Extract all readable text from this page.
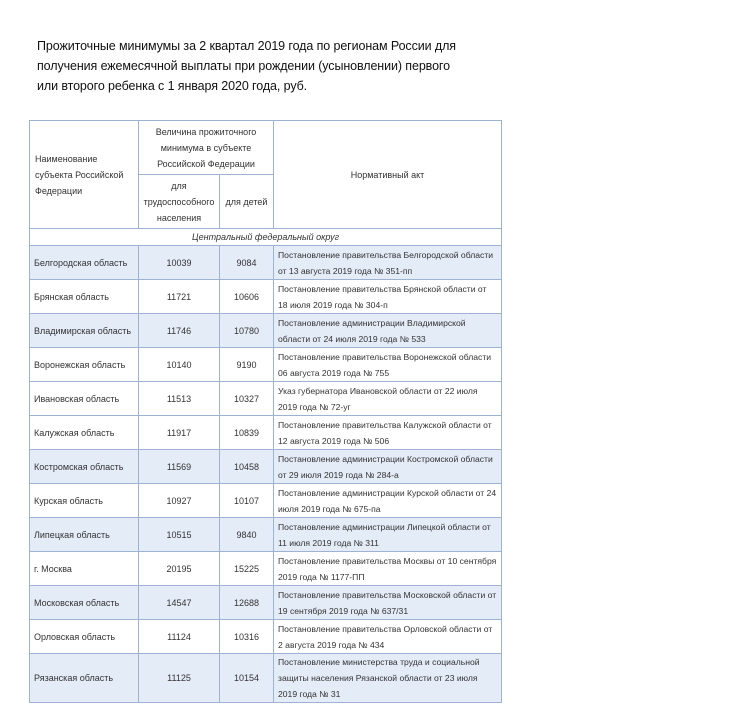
Прожиточные минимумы за 2 квартал 2019 года по регионам России для получения ежемесячной выплаты при рождении (усыновлении) первого или второго ребенка с 1 января 2020 года, руб.
Наименование субъекта Российской Федерации	Величина прожиточного минимума в субъекте Российской Федерации		Нормативный акт
	для трудоспособного населения	для детей	
Центральный федеральный округ			
Белгородская область	10039	9084	Постановление правительства Белгородской области от 13 августа 2019 года № 351-пп
Брянская область	11721	10606	Постановление правительства Брянской области от 18 июля 2019 года № 304-п
Владимирская область	11746	10780	Постановление администрации Владимирской области от 24 июля 2019 года № 533
Воронежская область	10140	9190	Постановление правительства Воронежской области 06 августа 2019 года № 755
Ивановская область	11513	10327	Указ губернатора Ивановской области от 22 июля 2019 года № 72-уг
Калужская область	11917	10839	Постановление правительства Калужской области от 12 августа 2019 года № 506
Костромская область	11569	10458	Постановление администрации Костромской области от 29 июля 2019 года № 284-а
Курская область	10927	10107	Постановление администрации Курской области от 24 июля 2019 года № 675-па
Липецкая область	10515	9840	Постановление администрации Липецкой области от 11 июля 2019 года № 311
г. Москва	20195	15225	Постановление правительства Москвы от 10 сентября 2019 года № 1177-ПП
Московская область	14547	12688	Постановление правительства Московской области от 19 сентября 2019 года № 637/31
Орловская область	11124	10316	Постановление правительства Орловской области от 2 августа 2019 года № 434
Рязанская область	11125	10154	Постановление министерства труда и социальной защиты населения Рязанской области от 23 июля 2019 года № 31
